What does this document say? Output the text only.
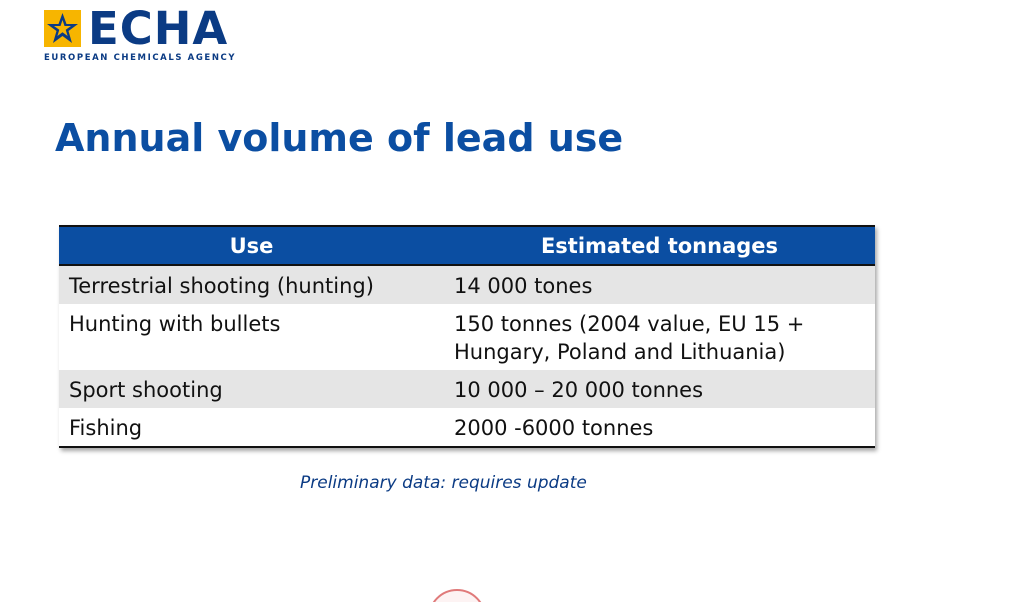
ECHA
EUROPEAN CHEMICALS AGENCY
Annual volume of lead use
Use	Estimated tonnages
Terrestrial shooting (hunting)	14 000 tones
Hunting with bullets	150 tonnes (2004 value, EU 15 +
Hungary, Poland and Lithuania)

Sport shooting	10 000 – 20 000 tonnes
Fishing	2000 -6000 tonnes
Preliminary data: requires update
